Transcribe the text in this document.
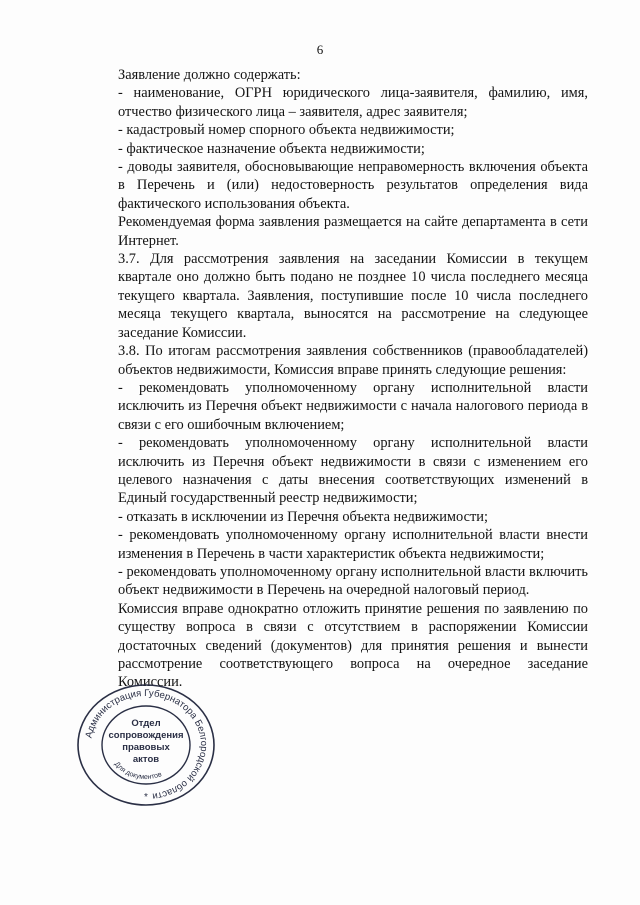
6

Заявление должно содержать:

- наименование, ОГРН юридического лица-заявителя, фамилию, имя, отчество физического лица – заявителя, адрес заявителя;

- кадастровый номер спорного объекта недвижимости;

- фактическое назначение объекта недвижимости;

- доводы заявителя, обосновывающие неправомерность включения объекта в Перечень и (или) недостоверность результатов определения вида фактического использования объекта.

Рекомендуемая форма заявления размещается на сайте департамента в сети Интернет.

3.7. Для рассмотрения заявления на заседании Комиссии в текущем квартале оно должно быть подано не позднее 10 числа последнего месяца текущего квартала. Заявления, поступившие после 10 числа последнего месяца текущего квартала, выносятся на рассмотрение на следующее заседание Комиссии.

3.8. По итогам рассмотрения заявления собственников (правообладателей) объектов недвижимости, Комиссия вправе принять следующие решения:

- рекомендовать уполномоченному органу исполнительной власти исключить из Перечня объект недвижимости с начала налогового периода в связи с его ошибочным включением;

- рекомендовать уполномоченному органу исполнительной власти исключить из Перечня объект недвижимости в связи с изменением его целевого назначения с даты внесения соответствующих изменений в Единый государственный реестр недвижимости;

- отказать в исключении из Перечня объекта недвижимости;

- рекомендовать уполномоченному органу исполнительной власти внести изменения в Перечень в части характеристик объекта недвижимости;

- рекомендовать уполномоченному органу исполнительной власти включить объект недвижимости в Перечень на очередной налоговый период.

Комиссия вправе однократно отложить принятие решения по заявлению по существу вопроса в связи с отсутствием в распоряжении Комиссии достаточных сведений (документов) для принятия решения и вынести рассмотрение соответствующего вопроса на очередное заседание Комиссии.

Администрация Губернатора Белгородской области
Отдел
сопровождения
правовых
актов
Для документов
*
